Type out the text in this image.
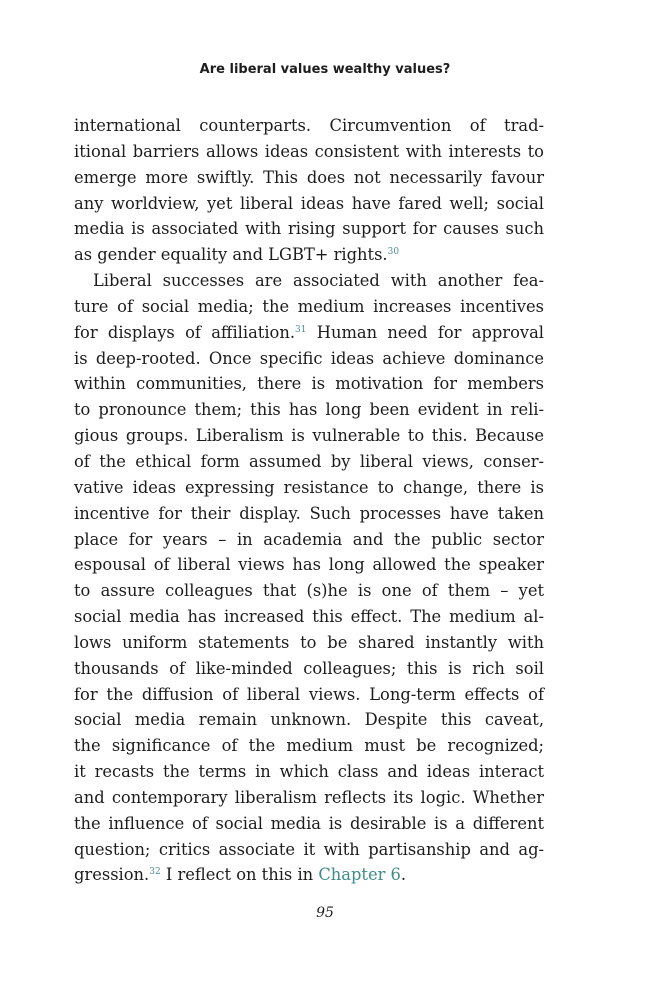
Are liberal values wealthy values?
international counterparts. Circumvention of trad-
itional barriers allows ideas consistent with interests to
emerge more swiftly. This does not necessarily favour
any worldview, yet liberal ideas have fared well; social
media is associated with rising support for causes such
as gender equality and LGBT+ rights.$^{30}$
Liberal successes are associated with another fea-
ture of social media; the medium increases incentives
for displays of affiliation.$^{31}$ Human need for approval
is deep-rooted. Once specific ideas achieve dominance
within communities, there is motivation for members
to pronounce them; this has long been evident in reli-
gious groups. Liberalism is vulnerable to this. Because
of the ethical form assumed by liberal views, conser-
vative ideas expressing resistance to change, there is
incentive for their display. Such processes have taken
place for years – in academia and the public sector
espousal of liberal views has long allowed the speaker
to assure colleagues that (s)he is one of them – yet
social media has increased this effect. The medium al-
lows uniform statements to be shared instantly with
thousands of like-minded colleagues; this is rich soil
for the diffusion of liberal views. Long-term effects of
social media remain unknown. Despite this caveat,
the significance of the medium must be recognized;
it recasts the terms in which class and ideas interact
and contemporary liberalism reflects its logic. Whether
the influence of social media is desirable is a different
question; critics associate it with partisanship and ag-
gression.$^{32}$ I reflect on this in Chapter 6.
95
